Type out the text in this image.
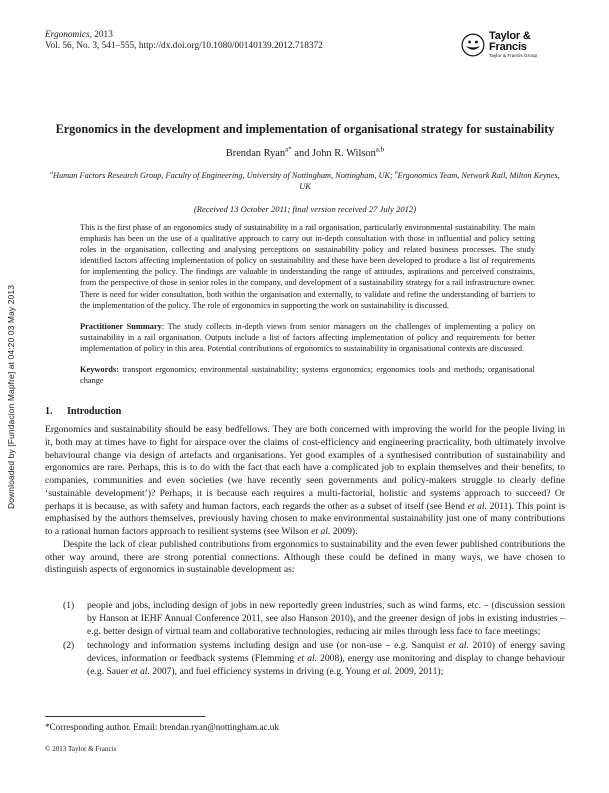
Downloaded by [Fundacion Mapfre] at 04:20 03 May 2013
Ergonomics, 2013
Vol. 56, No. 3, 541–555, http://dx.doi.org/10.1080/00140139.2012.718372
Taylor & Francis
Taylor & Francis Group
Ergonomics in the development and implementation of organisational strategy for sustainability
Brendan Ryan$^{a*}$ and John R. Wilson$^{a,b}$
$^a$Human Factors Research Group, Faculty of Engineering, University of Nottingham, Nottingham, UK; $^b$Ergonomics Team, Network Rail, Milton Keynes, UK
(Received 13 October 2011; final version received 27 July 2012)

This is the first phase of an ergonomics study of sustainability in a rail organisation, particularly environmental sustainability. The main emphasis has been on the use of a qualitative approach to carry out in-depth consultation with those in influential and policy setting roles in the organisation, collecting and analysing perceptions on sustainability policy and related business processes. The study identified factors affecting implementation of policy on sustainability and these have been developed to produce a list of requirements for implementing the policy. The findings are valuable in understanding the range of attitudes, aspirations and perceived constraints, from the perspective of those in senior roles in the company, and development of a sustainability strategy for a rail infrastructure owner. There is need for wider consultation, both within the organisation and externally, to validate and refine the understanding of barriers to the implementation of the policy. The role of ergonomics in supporting the work on sustainability is discussed.

Practitioner Summary: The study collects in-depth views from senior managers on the challenges of implementing a policy on sustainability in a rail organisation. Outputs include a list of factors affecting implementation of policy and requirements for better implementation of policy in this area. Potential contributions of ergonomics to sustainability in organisational contexts are discussed.

Keywords: transport ergonomics; environmental sustainability; systems ergonomics; ergonomics tools and methods; organisational change

1. Introduction

Ergonomics and sustainability should be easy bedfellows. They are both concerned with improving the world for the people living in it, both may at times have to fight for airspace over the claims of cost-efficiency and engineering practicality, both ultimately involve behavioural change via design of artefacts and organisations. Yet good examples of a synthesised contribution of sustainability and ergonomics are rare. Perhaps, this is to do with the fact that each have a complicated job to explain themselves and their benefits, to companies, communities and even societies (we have recently seen governments and policy-makers struggle to clearly define ‘sustainable development’)? Perhaps, it is because each requires a multi-factorial, holistic and systems approach to succeed? Or perhaps it is because, as with safety and human factors, each regards the other as a subset of itself (see Bend et al. 2011). This point is emphasised by the authors themselves, previously having chosen to make environmental sustainability just one of many contributions to a rational human factors approach to resilient systems (see Wilson et al. 2009).

Despite the lack of clear published contributions from ergonomics to sustainability and the even fewer published contributions the other way around, there are strong potential connections. Although these could be defined in many ways, we have chosen to distinguish aspects of ergonomics in sustainable development as:

(1)	people and jobs, including design of jobs in new reportedly green industries, such as wind farms, etc. – (discussion session by Hanson at IEHF Annual Conference 2011, see also Hanson 2010), and the greener design of jobs in existing industries – e.g. better design of virtual team and collaborative technologies, reducing air miles through less face to face meetings;
(2)	technology and information systems including design and use (or non-use – e.g. Sanquist et al. 2010) of energy saving devices, information or feedback systems (Flemming et al. 2008), energy use monitoring and display to change behaviour (e.g. Sauer et al. 2007), and fuel efficiency systems in driving (e.g. Young et al. 2009, 2011);
*Corresponding author. Email: brendan.ryan@nottingham.ac.uk
© 2013 Taylor & Francis
